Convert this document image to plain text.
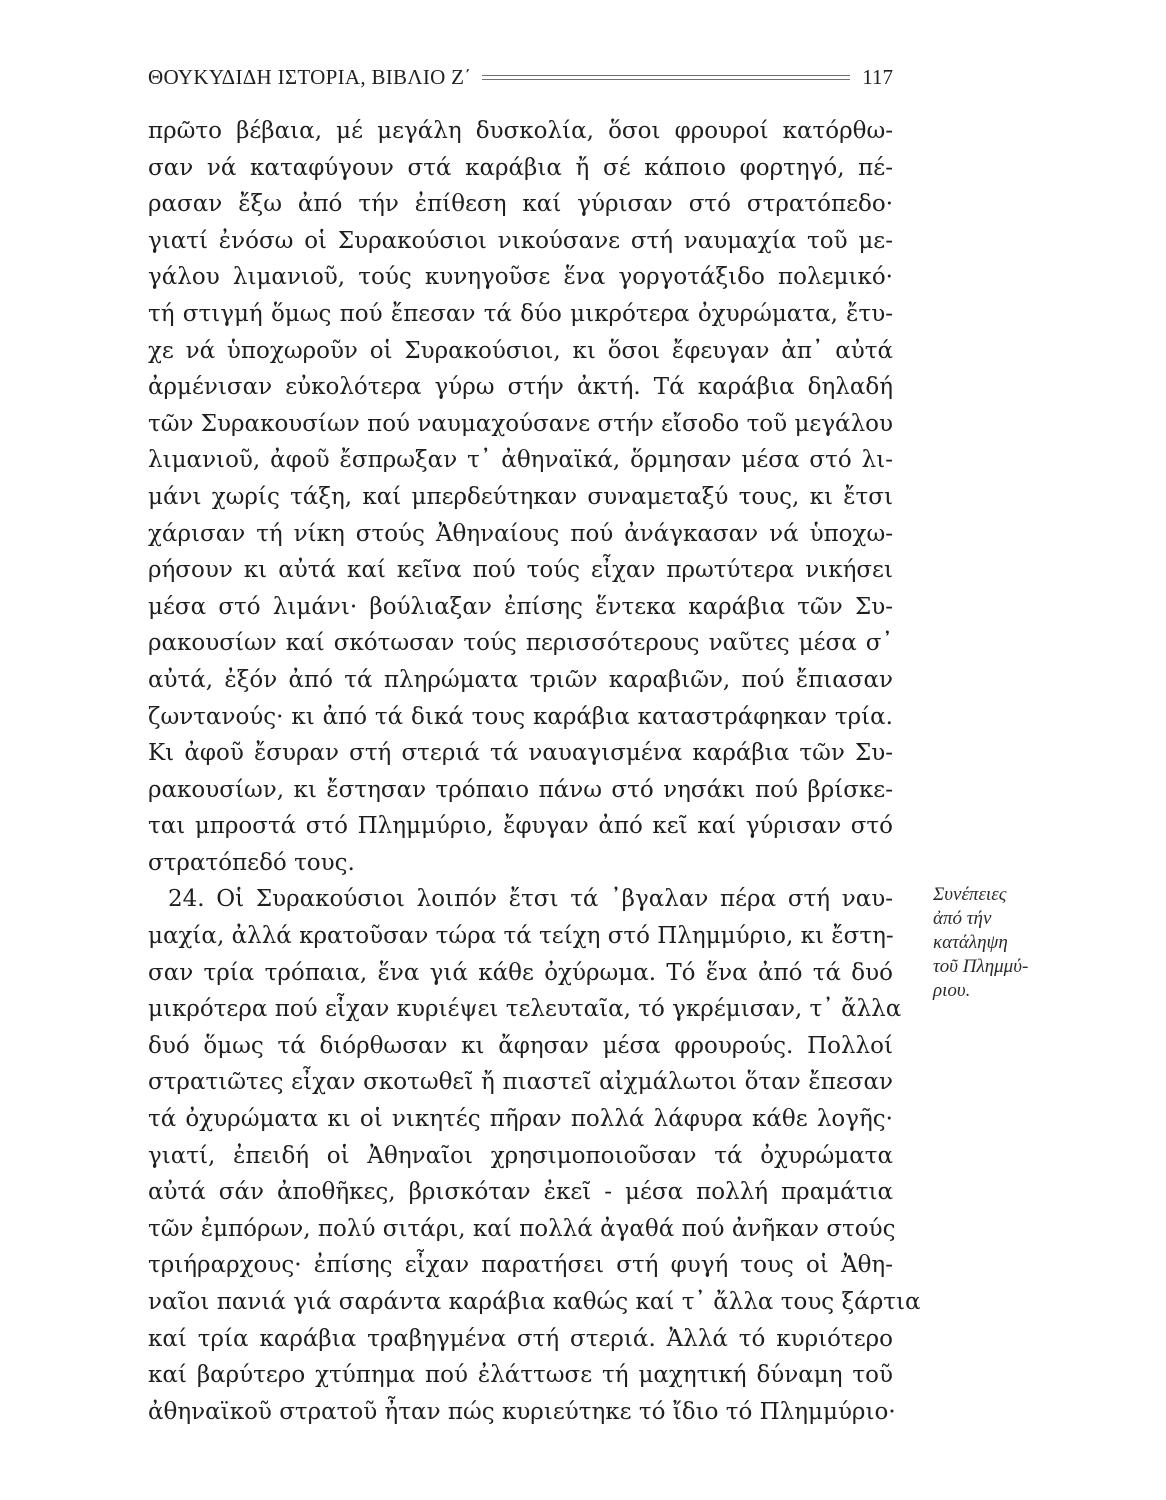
ΘΟΥΚΥΔΙΔΗ ΙΣΤΟΡΙΑ, ΒΙΒΛΙΟ Ζ΄	117
πρῶτο βέβαια, μέ μεγάλη δυσκολία, ὅσοι φρουροί κατόρθω-
σαν νά καταφύγουν στά καράβια ἤ σέ κάποιο φορτηγό, πέ-
ρασαν ἔξω ἀπό τήν ἐπίθεση καί γύρισαν στό στρατόπεδο·
γιατί ἐνόσω οἱ Συρακούσιοι νικούσανε στή ναυμαχία τοῦ με-
γάλου λιμανιοῦ, τούς κυνηγοῦσε ἕνα γοργοτάξιδο πολεμικό·
τή στιγμή ὅμως πού ἔπεσαν τά δύο μικρότερα ὀχυρώματα, ἔτυ-
χε νά ὑποχωροῦν οἱ Συρακούσιοι, κι ὅσοι ἔφευγαν ἀπ᾿ αὐτά
ἀρμένισαν εὐκολότερα γύρω στήν ἀκτή. Τά καράβια δηλαδή
τῶν Συρακουσίων πού ναυμαχούσανε στήν εἴσοδο τοῦ μεγάλου
λιμανιοῦ, ἀφοῦ ἔσπρωξαν τ᾿ ἀθηναϊκά, ὅρμησαν μέσα στό λι-
μάνι χωρίς τάξη, καί μπερδεύτηκαν συναμεταξύ τους, κι ἔτσι
χάρισαν τή νίκη στούς Ἀθηναίους πού ἀνάγκασαν νά ὑποχω-
ρήσουν κι αὐτά καί κεῖνα πού τούς εἶχαν πρωτύτερα νικήσει
μέσα στό λιμάνι· βούλιαξαν ἐπίσης ἕντεκα καράβια τῶν Συ-
ρακουσίων καί σκότωσαν τούς περισσότερους ναῦτες μέσα σ᾿
αὐτά, ἐξόν ἀπό τά πληρώματα τριῶν καραβιῶν, πού ἔπιασαν
ζωντανούς· κι ἀπό τά δικά τους καράβια καταστράφηκαν τρία.
Κι ἀφοῦ ἔσυραν στή στεριά τά ναυαγισμένα καράβια τῶν Συ-
ρακουσίων, κι ἔστησαν τρόπαιο πάνω στό νησάκι πού βρίσκε-
ται μπροστά στό Πλημμύριο, ἔφυγαν ἀπό κεῖ καί γύρισαν στό
στρατόπεδό τους.
24. Οἱ Συρακούσιοι λοιπόν ἔτσι τά ᾿βγαλαν πέρα στή ναυ-
μαχία, ἀλλά κρατοῦσαν τώρα τά τείχη στό Πλημμύριο, κι ἔστη-
σαν τρία τρόπαια, ἕνα γιά κάθε ὀχύρωμα. Τό ἕνα ἀπό τά δυό
μικρότερα πού εἶχαν κυριέψει τελευταῖα, τό γκρέμισαν, τ᾿ ἄλλα
δυό ὅμως τά διόρθωσαν κι ἄφησαν μέσα φρουρούς. Πολλοί
στρατιῶτες εἶχαν σκοτωθεῖ ἤ πιαστεῖ αἰχμάλωτοι ὅταν ἔπεσαν
τά ὀχυρώματα κι οἱ νικητές πῆραν πολλά λάφυρα κάθε λογῆς·
γιατί, ἐπειδή οἱ Ἀθηναῖοι χρησιμοποιοῦσαν τά ὀχυρώματα
αὐτά σάν ἀποθῆκες, βρισκόταν ἐκεῖ - μέσα πολλή πραμάτια
τῶν ἐμπόρων, πολύ σιτάρι, καί πολλά ἀγαθά πού ἀνῆκαν στούς
τριήραρχους· ἐπίσης εἶχαν παρατήσει στή φυγή τους οἱ Ἀθη-
ναῖοι πανιά γιά σαράντα καράβια καθώς καί τ᾿ ἄλλα τους ξάρτια
καί τρία καράβια τραβηγμένα στή στεριά. Ἀλλά τό κυριότερο
καί βαρύτερο χτύπημα πού ἐλάττωσε τή μαχητική δύναμη τοῦ
ἀθηναϊκοῦ στρατοῦ ἦταν πώς κυριεύτηκε τό ἴδιο τό Πλημμύριο·
Συνέπειες
ἀπό τήν
κατάληψη
τοῦ Πλημμύ-
ριου.
